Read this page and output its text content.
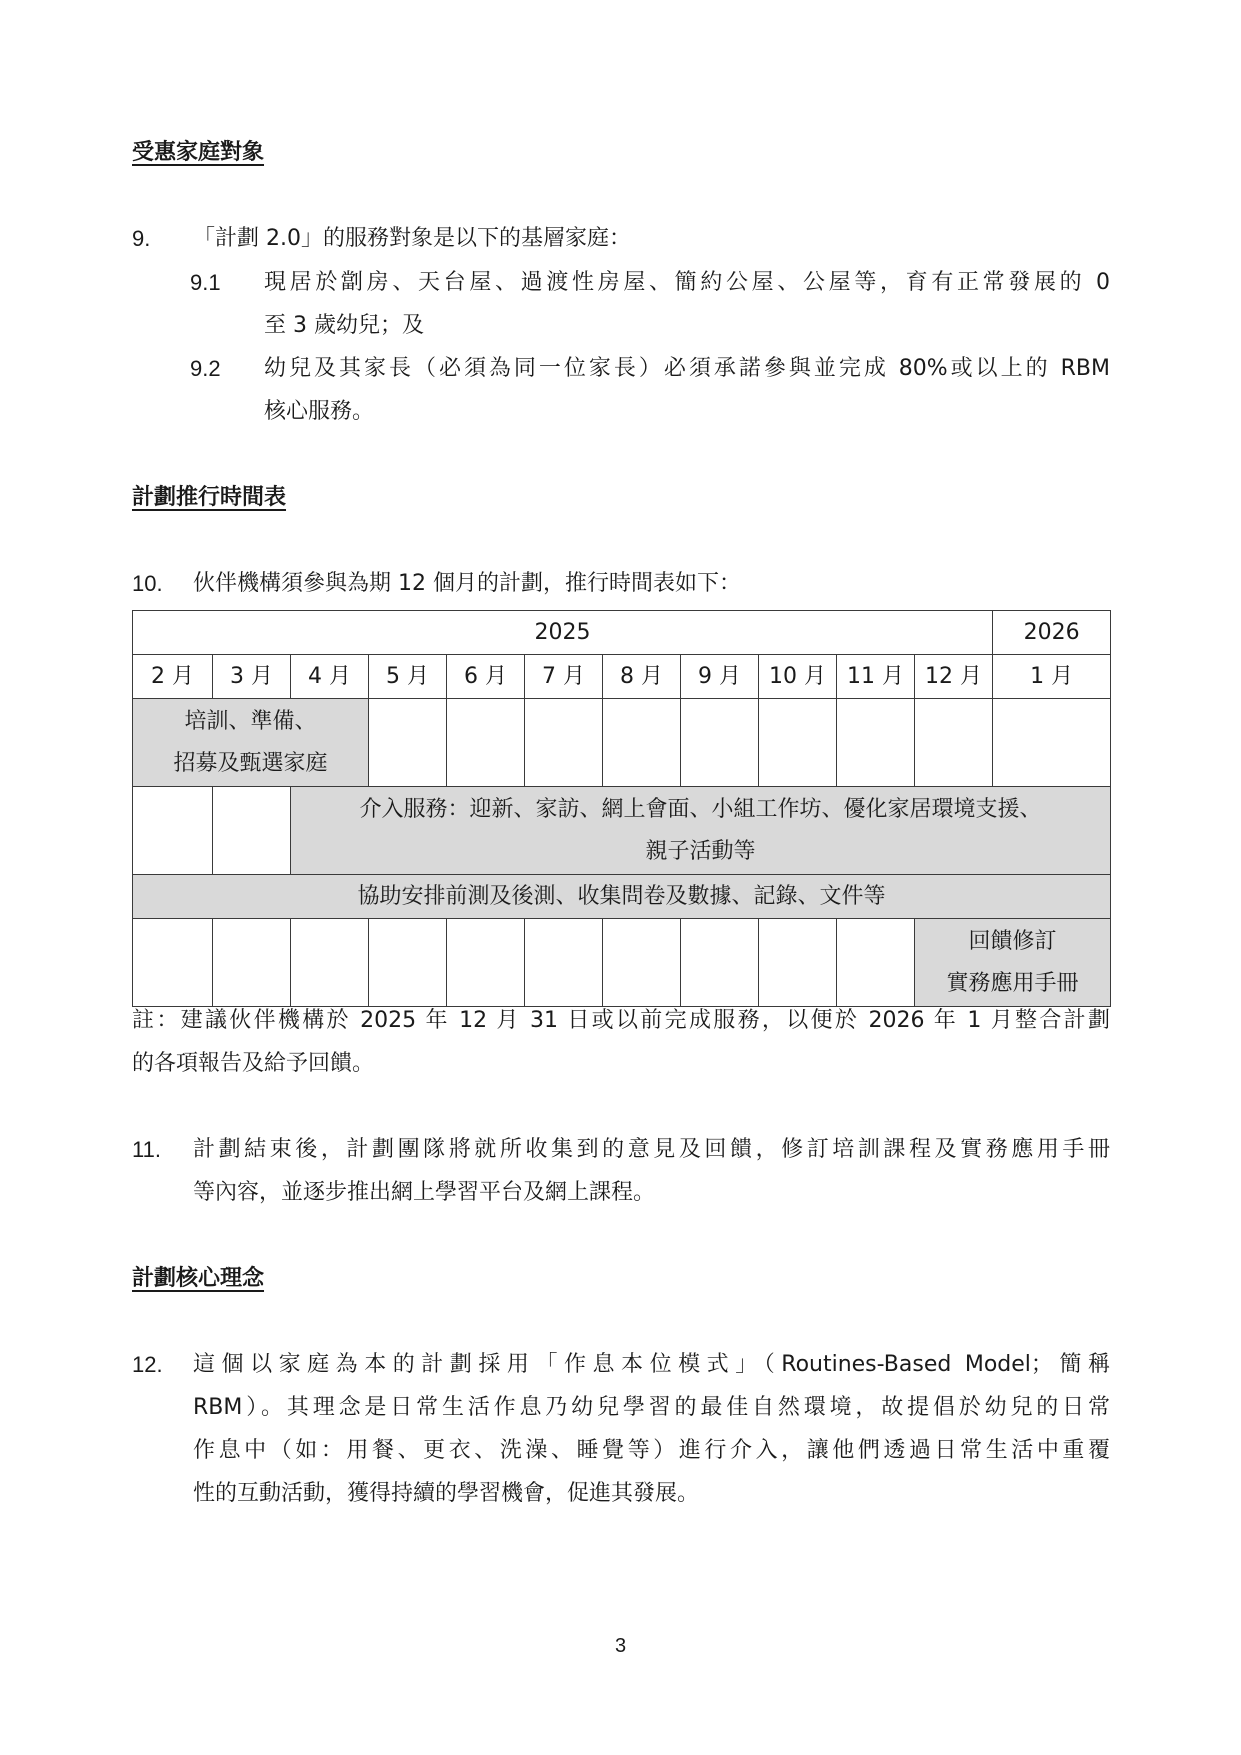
受惠家庭對象
9. 「計劃 2.0」的服務對象是以下的基層家庭：
9.1 現居於劏房、天台屋、過渡性房屋、簡約公屋、公屋等，育有正常發展的 0
至 3 歲幼兒；及
9.2 幼兒及其家長（必須為同一位家長）必須承諾參與並完成 80%或以上的 RBM
核心服務。
計劃推行時間表
10. 伙伴機構須參與為期 12 個月的計劃，推行時間表如下：
2025											2026
2 月	3 月	4 月	5 月	6 月	7 月	8 月	9 月	10 月	11 月	12 月	1 月

培訓、準備、
招募及甄選家庭											

		介入服務：迎新、家訪、網上會面、小組工作坊、優化家居環境支援、
親子活動等									

協助安排前測及後測、收集問卷及數據、記錄、文件等											

										回饋修訂
實務應用手冊	
註：建議伙伴機構於 2025 年 12 月 31 日或以前完成服務，以便於 2026 年 1 月整合計劃
的各項報告及給予回饋。
11. 計劃結束後，計劃團隊將就所收集到的意見及回饋，修訂培訓課程及實務應用手冊
等內容，並逐步推出網上學習平台及網上課程。
計劃核心理念
12. 這個以家庭為本的計劃採用「作息本位模式」（Routines-Based Model；簡稱
RBM）。其理念是日常生活作息乃幼兒學習的最佳自然環境，故提倡於幼兒的日常
作息中（如：用餐、更衣、洗澡、睡覺等）進行介入，讓他們透過日常生活中重覆
性的互動活動，獲得持續的學習機會，促進其發展。
3
